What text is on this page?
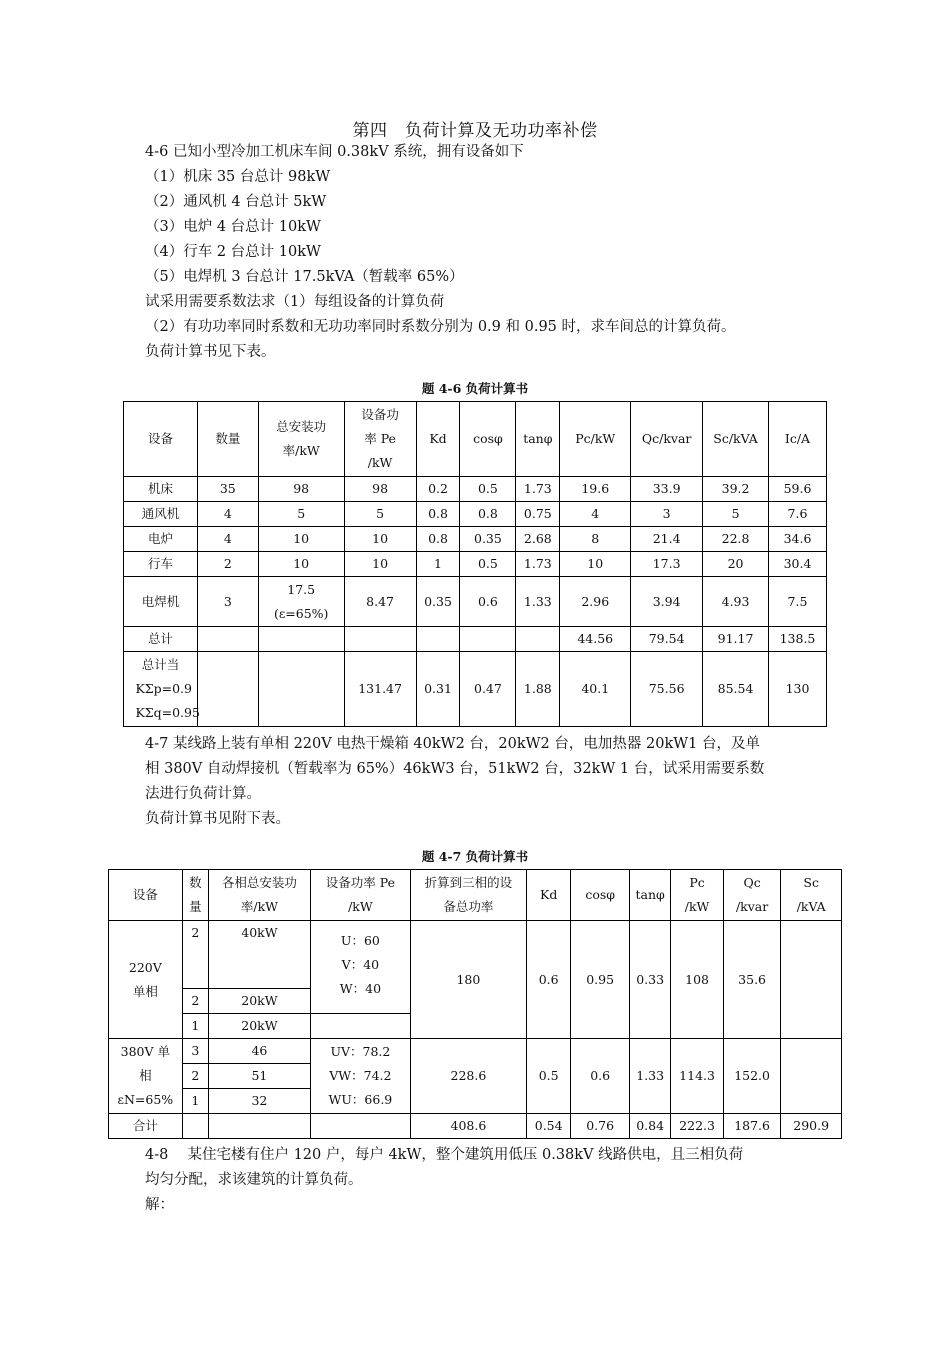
第四　负荷计算及无功功率补偿
4-6 已知小型冷加工机床车间 0.38kV 系统，拥有设备如下
（1）机床 35 台总计 98kW
（2）通风机 4 台总计 5kW
（3）电炉 4 台总计 10kW
（4）行车 2 台总计 10kW
（5）电焊机 3 台总计 17.5kVA（暂载率 65%）
试采用需要系数法求（1）每组设备的计算负荷
（2）有功功率同时系数和无功功率同时系数分别为 0.9 和 0.95 时，求车间总的计算负荷。
负荷计算书见下表。
题 4-6 负荷计算书
设备	数量	总安装功率/kW	设备功率 Pe /kW	Kd	cosφ	tanφ	Pc/kW	Qc/kvar	Sc/kVA	Ic/A
机床	35	98	98	0.2	0.5	1.73	19.6	33.9	39.2	59.6
通风机	4	5	5	0.8	0.8	0.75	4	3	5	7.6
电炉	4	10	10	0.8	0.35	2.68	8	21.4	22.8	34.6
行车	2	10	10	1	0.5	1.73	10	17.3	20	30.4
电焊机	3	17.5 (ε=65%)	8.47	0.35	0.6	1.33	2.96	3.94	4.93	7.5
总计							44.56	79.54	91.17	138.5

总计当 KΣp=0.9 KΣq=0.95			131.47	0.31	0.47	1.88	40.1	75.56	85.54	130
4-7 某线路上装有单相 220V 电热干燥箱 40kW2 台，20kW2 台，电加热器 20kW1 台，及单
相 380V 自动焊接机（暂载率为 65%）46kW3 台，51kW2 台，32kW 1 台，试采用需要系数
法进行负荷计算。
负荷计算书见附下表。
题 4-7 负荷计算书
设备	数量	各相总安装功率/kW	设备功率 Pe /kW	折算到三相的设备总功率	Kd	cosφ	tanφ	Pc /kW	Qc /kvar	Sc /kVA

220V 单相	2	40kW	U：60
V：40
W：40	180	0.6	0.95	0.33	108	35.6	
	2	20kW								
	1	20kW								

380V 单相 εN=65%	3	46	UV：78.2
VW：74.2
WU：66.9	228.6	0.5	0.6	1.33	114.3	152.0	
	2	51								
	1	32								
合计				408.6	0.54	0.76	0.84	222.3	187.6	290.9
4-8　 某住宅楼有住户 120 户，每户 4kW，整个建筑用低压 0.38kV 线路供电，且三相负荷
均匀分配，求该建筑的计算负荷。
解：
